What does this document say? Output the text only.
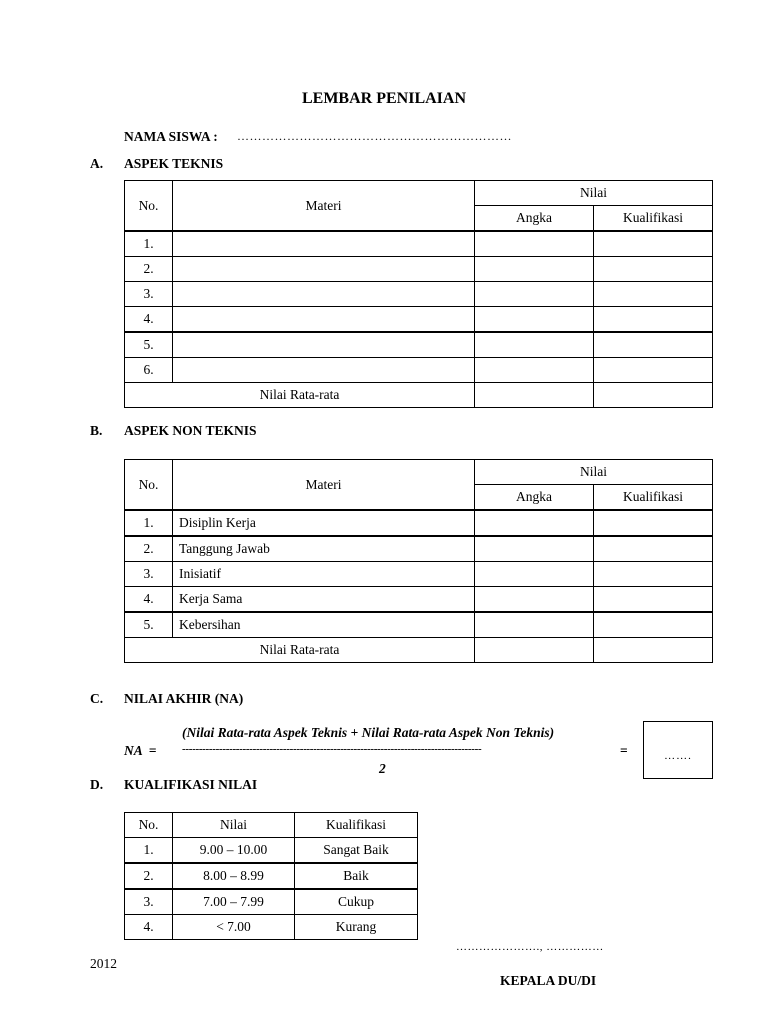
LEMBAR PENILAIAN
NAMA SISWA : …………………………………………………………
A. ASPEK TEKNIS
No.	Materi	Nilai	
		Angka	Kualifikasi
1.			
2.			
3.			
4.			
5.			
6.			
Nilai Rata-rata			
B. ASPEK NON TEKNIS
No.	Materi	Nilai	
		Angka	Kualifikasi
1.	Disiplin Kerja		
2.	Tanggung Jawab		
3.	Inisiatif		
4.	Kerja Sama		
5.	Kebersihan		
Nilai Rata-rata			
C. NILAI AKHIR (NA)
(Nilai Rata-rata Aspek Teknis + Nilai Rata-rata Aspek Non Teknis)
NA  = -----------------------------------------------------------------------------------------	=
2
…….
D. KUALIFIKASI NILAI
No.	Nilai	Kualifikasi
1.	9.00 – 10.00	Sangat Baik
2.	8.00 – 8.99	Baik
3.	7.00 – 7.99	Cukup
4.	< 7.00	Kurang
…………………., ……………
2012
KEPALA DU/DI
